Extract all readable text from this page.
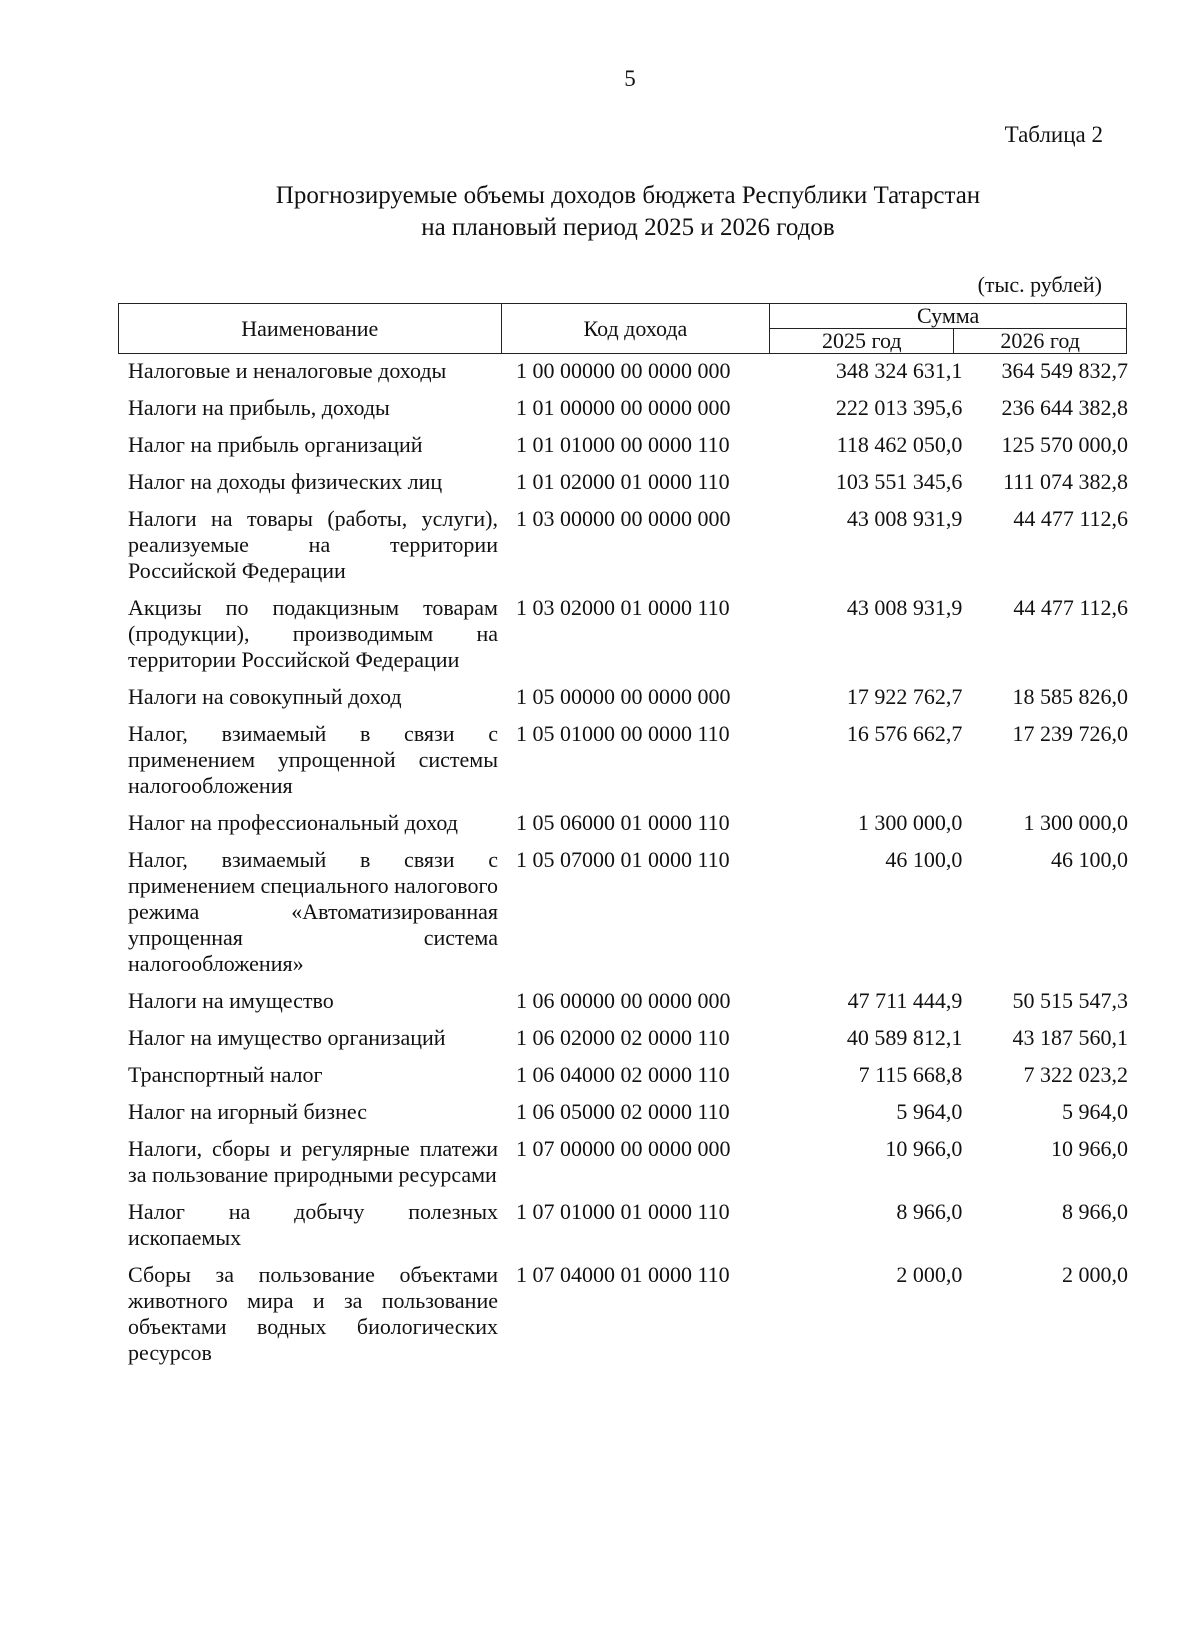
5
Таблица 2
Прогнозируемые объемы доходов бюджета Республики Татарстан
на плановый период 2025 и 2026 годов
(тыс. рублей)
Наименование	Код дохода	Сумма	
		2025 год	2026 год
Налоговые и неналоговые доходы	1 00 00000 00 0000 000	348 324 631,1	364 549 832,7
Налоги на прибыль, доходы	1 01 00000 00 0000 000	222 013 395,6	236 644 382,8
Налог на прибыль организаций	1 01 01000 00 0000 110	118 462 050,0	125 570 000,0
Налог на доходы физических лиц	1 01 02000 01 0000 110	103 551 345,6	111 074 382,8
Налоги на товары (работы, услуги), реализуемые на территории Российской Федерации
1 03 00000 00 0000 000	43 008 931,9	44 477 112,6
Акцизы по подакцизным товарам (продукции), производимым на территории Российской Федерации
1 03 02000 01 0000 110	43 008 931,9	44 477 112,6
Налоги на совокупный доход	1 05 00000 00 0000 000	17 922 762,7	18 585 826,0
Налог, взимаемый в связи с применением упрощенной системы налогообложения
1 05 01000 00 0000 110	16 576 662,7	17 239 726,0
Налог на профессиональный доход	1 05 06000 01 0000 110	1 300 000,0	1 300 000,0
Налог, взимаемый в связи с применением специального налогового режима «Автоматизированная упрощенная система налогообложения»
1 05 07000 01 0000 110	46 100,0	46 100,0
Налоги на имущество	1 06 00000 00 0000 000	47 711 444,9	50 515 547,3
Налог на имущество организаций	1 06 02000 02 0000 110	40 589 812,1	43 187 560,1
Транспортный налог	1 06 04000 02 0000 110	7 115 668,8	7 322 023,2
Налог на игорный бизнес	1 06 05000 02 0000 110	5 964,0	5 964,0
Налоги, сборы и регулярные платежи за пользование природными ресурсами
1 07 00000 00 0000 000	10 966,0	10 966,0
Налог на добычу полезных ископаемых
1 07 01000 01 0000 110	8 966,0	8 966,0
Сборы за пользование объектами животного мира и за пользование объектами водных биологических ресурсов
1 07 04000 01 0000 110	2 000,0	2 000,0
